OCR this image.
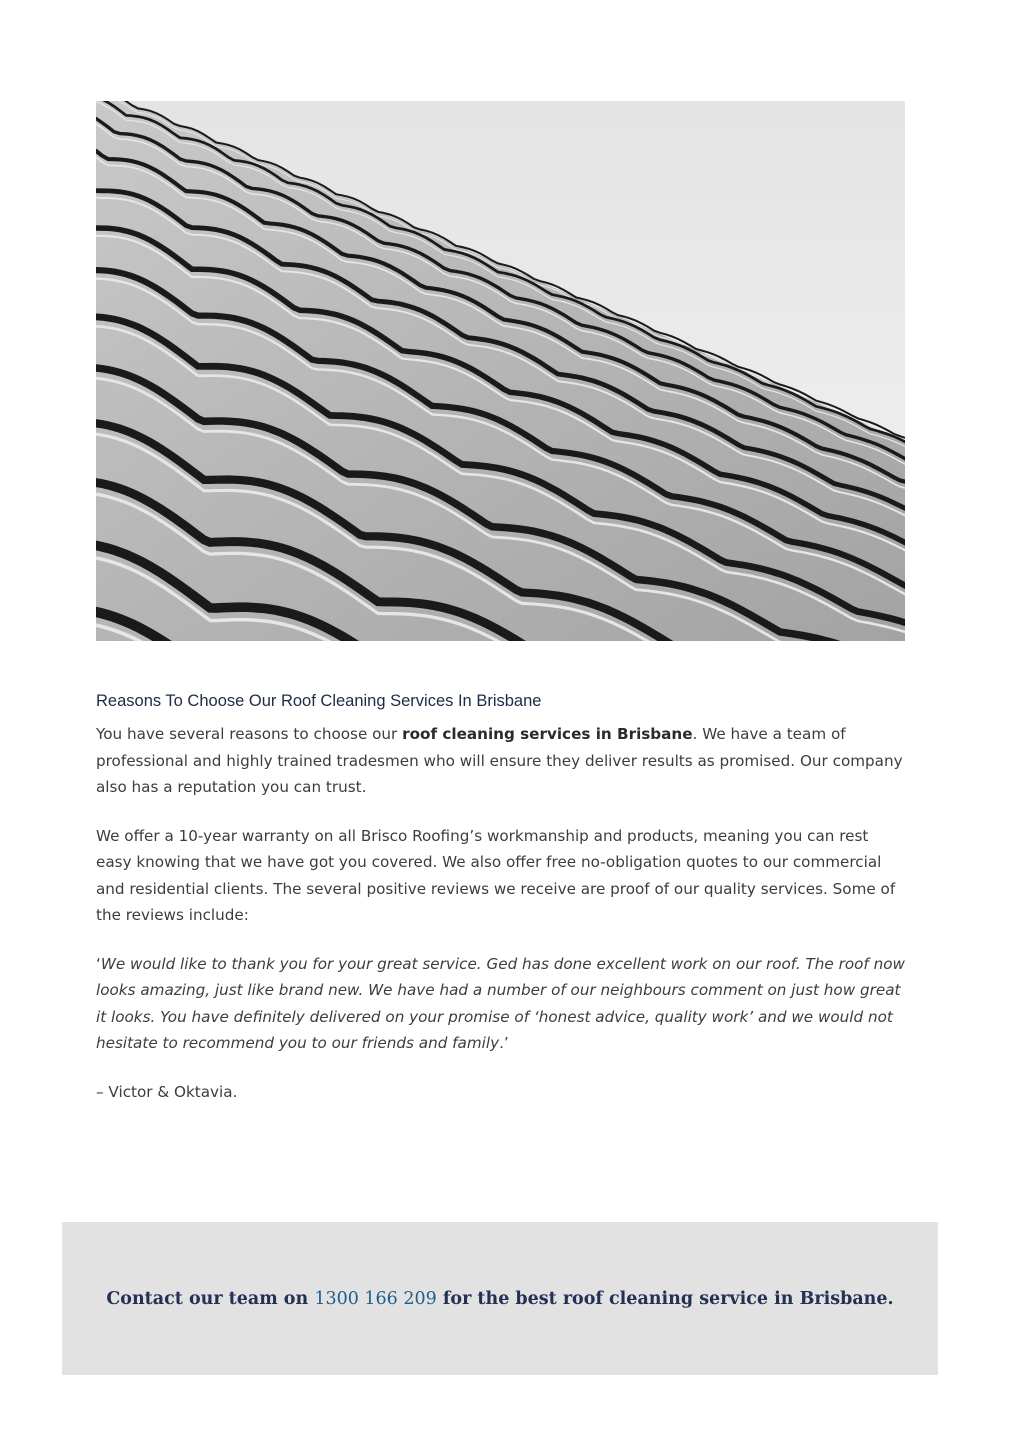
Reasons To Choose Our Roof Cleaning Services In Brisbane

You have several reasons to choose our roof cleaning services in Brisbane. We have a team of professional and highly trained tradesmen who will ensure they deliver results as promised. Our company also has a reputation you can trust.

We offer a 10-year warranty on all Brisco Roofing’s workmanship and products, meaning you can rest easy knowing that we have got you covered. We also offer free no-obligation quotes to our commercial and residential clients. The several positive reviews we receive are proof of our quality services. Some of the reviews include:

‘We would like to thank you for your great service. Ged has done excellent work on our roof. The roof now looks amazing, just like brand new. We have had a number of our neighbours comment on just how great it looks. You have definitely delivered on your promise of ‘honest advice, quality work’ and we would not hesitate to recommend you to our friends and family.’

– Victor & Oktavia.

Contact our team on 1300 166 209 for the best roof cleaning service in Brisbane.
